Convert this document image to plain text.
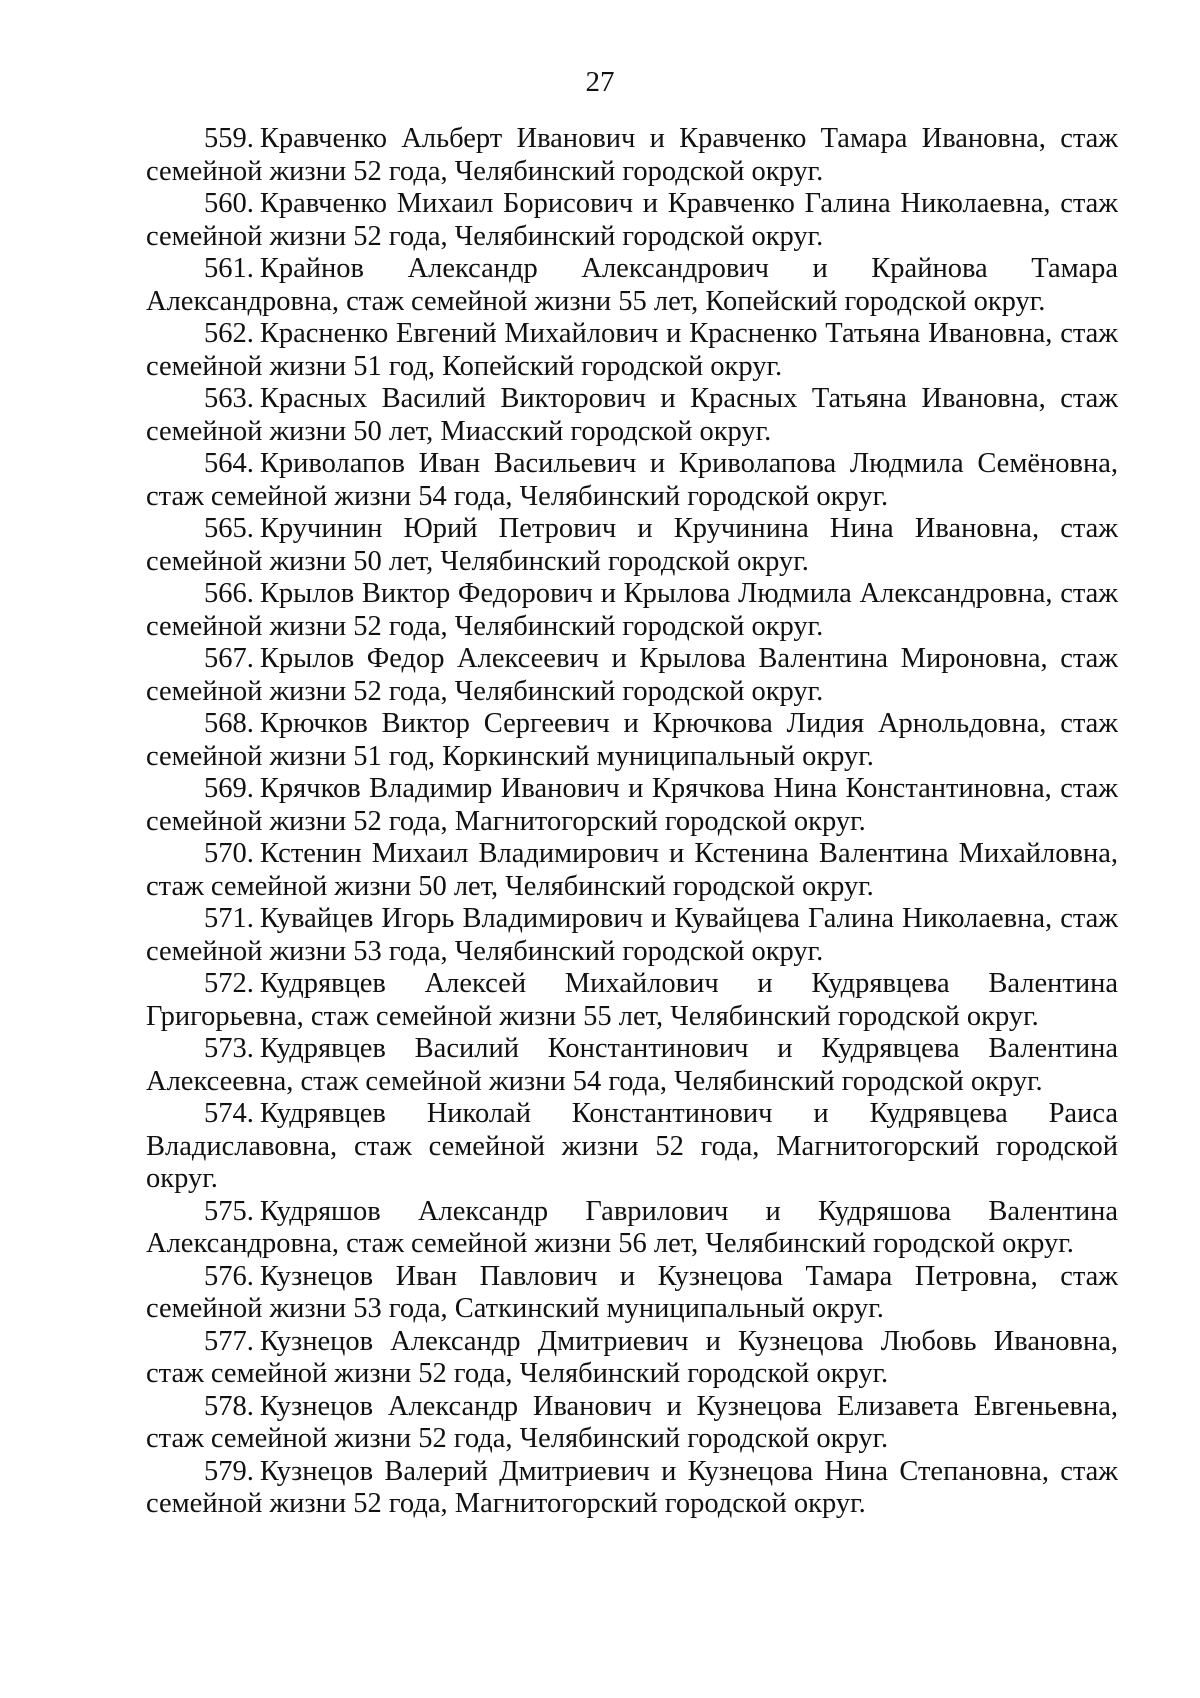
27
559. Кравченко Альберт Иванович и Кравченко Тамара Ивановна, стаж семейной жизни 52 года, Челябинский городской округ.
560. Кравченко Михаил Борисович и Кравченко Галина Николаевна, стаж семейной жизни 52 года, Челябинский городской округ.
561. Крайнов Александр Александрович и Крайнова Тамара Александровна, стаж семейной жизни 55 лет, Копейский городской округ.
562. Красненко Евгений Михайлович и Красненко Татьяна Ивановна, стаж семейной жизни 51 год, Копейский городской округ.
563. Красных Василий Викторович и Красных Татьяна Ивановна, стаж семейной жизни 50 лет, Миасский городской округ.
564. Криволапов Иван Васильевич и Криволапова Людмила Семёновна, стаж семейной жизни 54 года, Челябинский городской округ.
565. Кручинин Юрий Петрович и Кручинина Нина Ивановна, стаж семейной жизни 50 лет, Челябинский городской округ.
566. Крылов Виктор Федорович и Крылова Людмила Александровна, стаж семейной жизни 52 года, Челябинский городской округ.
567. Крылов Федор Алексеевич и Крылова Валентина Мироновна, стаж семейной жизни 52 года, Челябинский городской округ.
568. Крючков Виктор Сергеевич и Крючкова Лидия Арнольдовна, стаж семейной жизни 51 год, Коркинский муниципальный округ.
569. Крячков Владимир Иванович и Крячкова Нина Константиновна, стаж семейной жизни 52 года, Магнитогорский городской округ.
570. Кстенин Михаил Владимирович и Кстенина Валентина Михайловна, стаж семейной жизни 50 лет, Челябинский городской округ.
571. Кувайцев Игорь Владимирович и Кувайцева Галина Николаевна, стаж семейной жизни 53 года, Челябинский городской округ.
572. Кудрявцев Алексей Михайлович и Кудрявцева Валентина Григорьевна, стаж семейной жизни 55 лет, Челябинский городской округ.
573. Кудрявцев Василий Константинович и Кудрявцева Валентина Алексеевна, стаж семейной жизни 54 года, Челябинский городской округ.
574. Кудрявцев Николай Константинович и Кудрявцева Раиса Владиславовна, стаж семейной жизни 52 года, Магнитогорский городской округ.
575. Кудряшов Александр Гаврилович и Кудряшова Валентина Александровна, стаж семейной жизни 56 лет, Челябинский городской округ.
576. Кузнецов Иван Павлович и Кузнецова Тамара Петровна, стаж семейной жизни 53 года, Саткинский муниципальный округ.
577. Кузнецов Александр Дмитриевич и Кузнецова Любовь Ивановна, стаж семейной жизни 52 года, Челябинский городской округ.
578. Кузнецов Александр Иванович и Кузнецова Елизавета Евгеньевна, стаж семейной жизни 52 года, Челябинский городской округ.
579. Кузнецов Валерий Дмитриевич и Кузнецова Нина Степановна, стаж семейной жизни 52 года, Магнитогорский городской округ.
